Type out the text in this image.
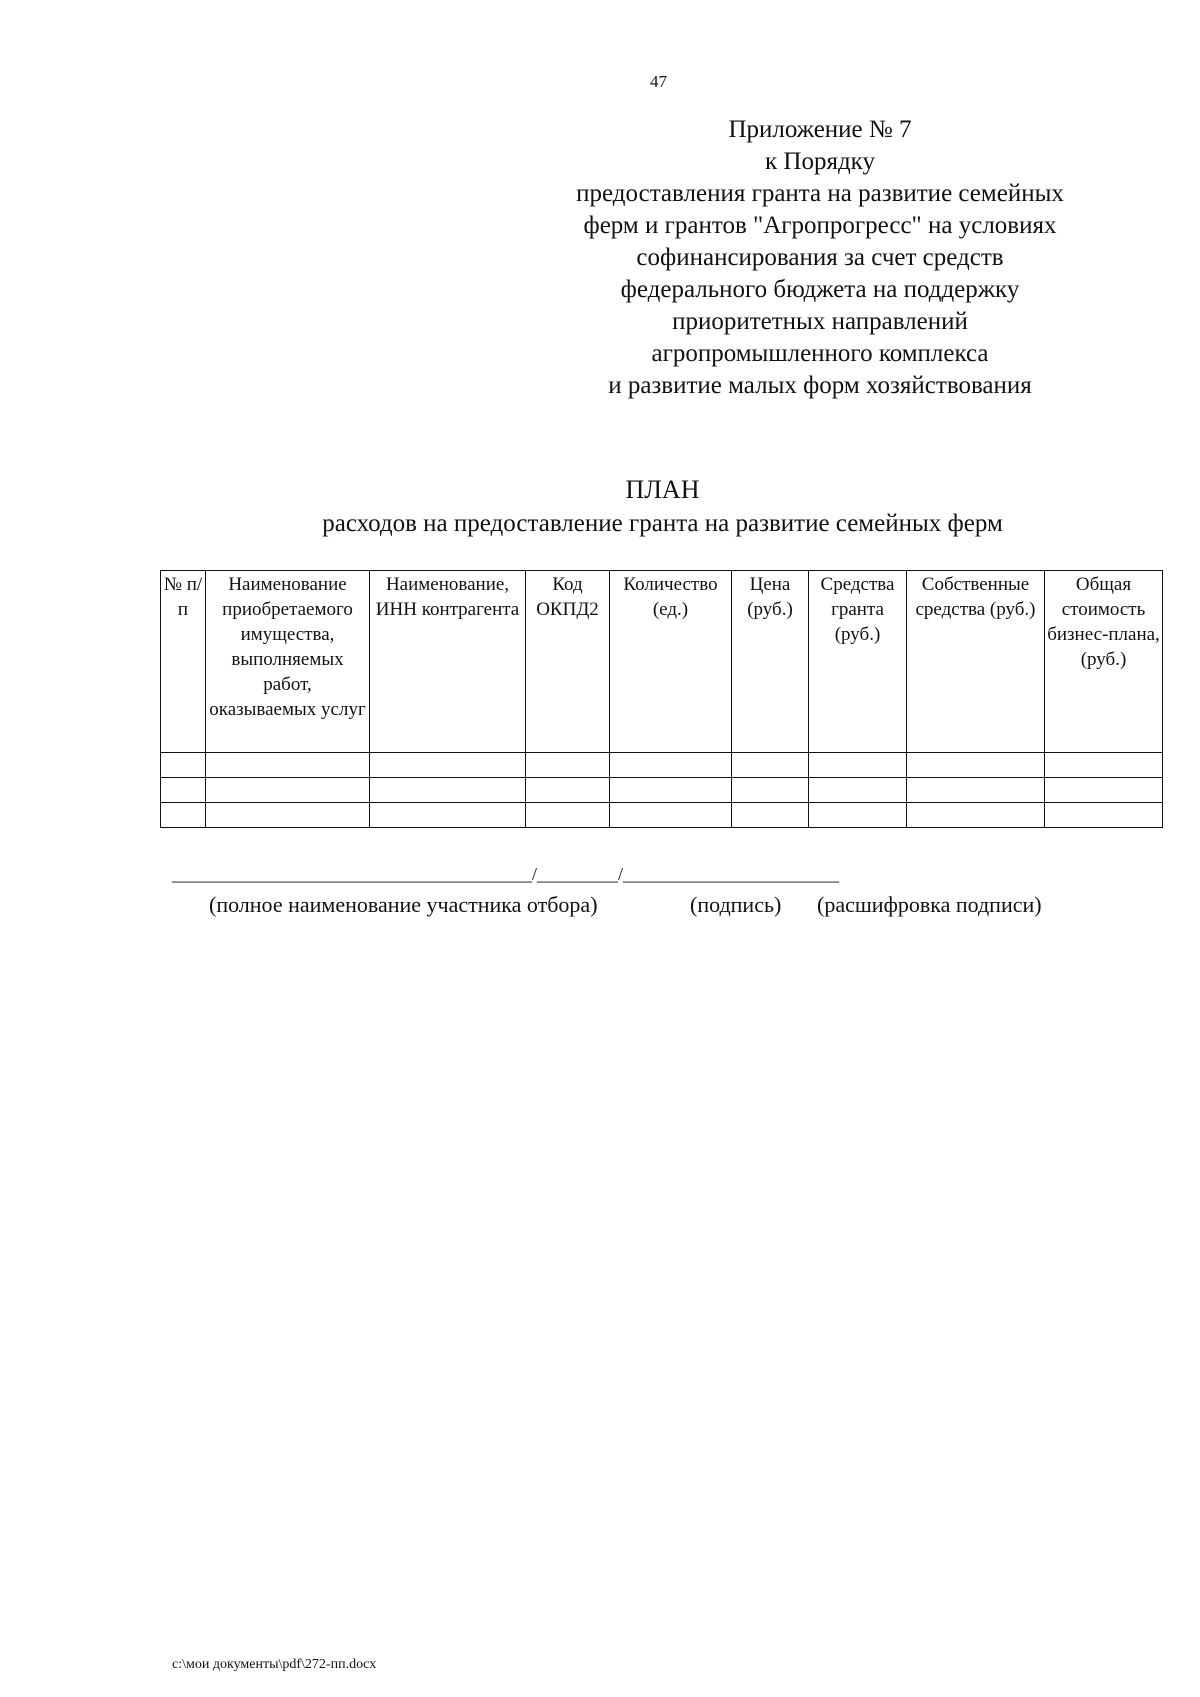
47
Приложение № 7
к Порядку
предоставления гранта на развитие семейных
ферм и грантов "Агропрогресс" на условиях
софинансирования за счет средств
федерального бюджета на поддержку
приоритетных направлений
агропромышленного комплекса
и развитие малых форм хозяйствования
ПЛАН
расходов на предоставление гранта на развитие семейных ферм
№ п/п	Наименование приобретаемого имущества, выполняемых работ, оказываемых услуг	Наименование, ИНН контрагента	Код ОКПД2	Количество (ед.)	Цена (руб.)	Средства гранта (руб.)	Собственные средства (руб.)	Общая стоимость бизнес-плана, (руб.)

________________________________________/_________/________________________
(полное наименование участника отбора)	(подпись) (расшифровка подписи)
c:\мои документы\pdf\272-пп.docx
